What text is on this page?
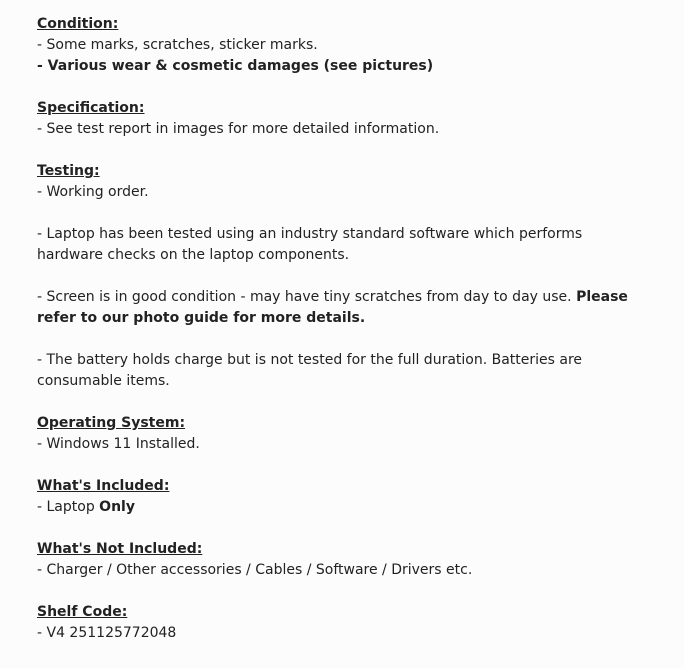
Condition:
- Some marks, scratches, sticker marks.
- Various wear & cosmetic damages (see pictures)
Specification:
- See test report in images for more detailed information.
Testing:
- Working order.
- Laptop has been tested using an industry standard software which performs hardware checks on the laptop components.
- Screen is in good condition - may have tiny scratches from day to day use. Please refer to our photo guide for more details.
- The battery holds charge but is not tested for the full duration. Batteries are consumable items.
Operating System:
- Windows 11 Installed.
What's Included:
- Laptop Only
What's Not Included:
- Charger / Other accessories / Cables / Software / Drivers etc.
Shelf Code:
- V4 251125772048
